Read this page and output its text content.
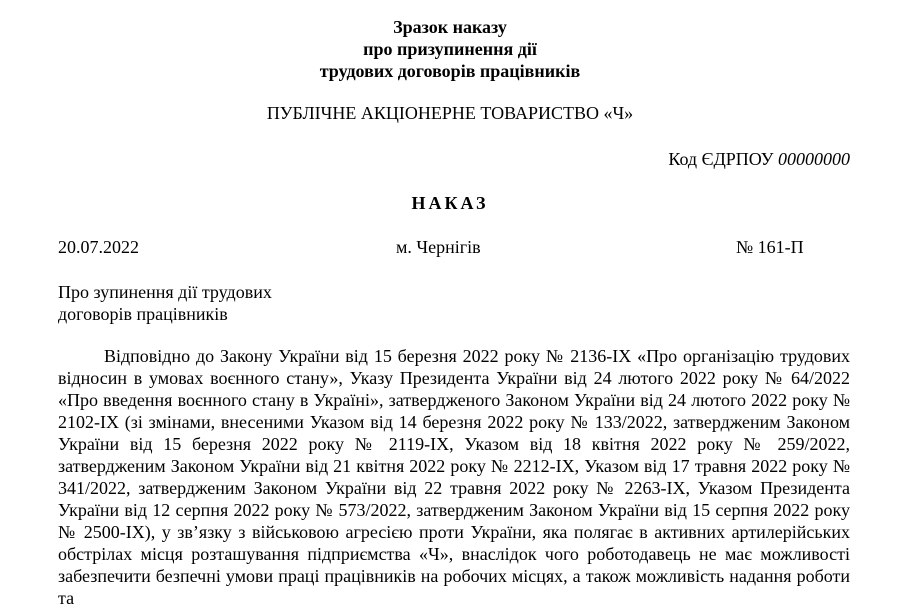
Зразок наказу
про призупинення дії
трудових договорів працівників
ПУБЛІЧНЕ АКЦІОНЕРНЕ ТОВАРИСТВО «Ч»
Код ЄДРПОУ 00000000
НАКАЗ
20.07.2022	м. Чернігів	№ 161-П
Про зупинення дії трудових
договорів працівників

Відповідно до Закону України від 15 березня 2022 року № 2136-IX «Про організацію трудових відносин в умовах воєнного стану», Указу Президента України від 24 лютого 2022 року № 64/2022 «Про введення воєнного стану в Україні», затвердженого Законом України від 24 лютого 2022 року № 2102-IX (зі змінами, внесеними Указом від 14 березня 2022 року № 133/2022, затвердженим Законом України від 15 березня 2022 року № 2119-IX, Указом від 18 квітня 2022 року № 259/2022, затвердженим Законом України від 21 квітня 2022 року № 2212-IX, Указом від 17 травня 2022 року № 341/2022, затвердженим Законом України від 22 травня 2022 року № 2263-IX, Указом Президента України від 12 серпня 2022 року № 573/2022, затвердженим Законом України від 15 серпня 2022 року № 2500-IX), у зв’язку з військовою агресією проти України, яка полягає в активних артилерійських обстрілах місця розташування підприємства «Ч», внаслідок чого роботодавець не має можливості забезпечити безпечні умови праці працівників на робочих місцях, а також можливість надання роботи та
